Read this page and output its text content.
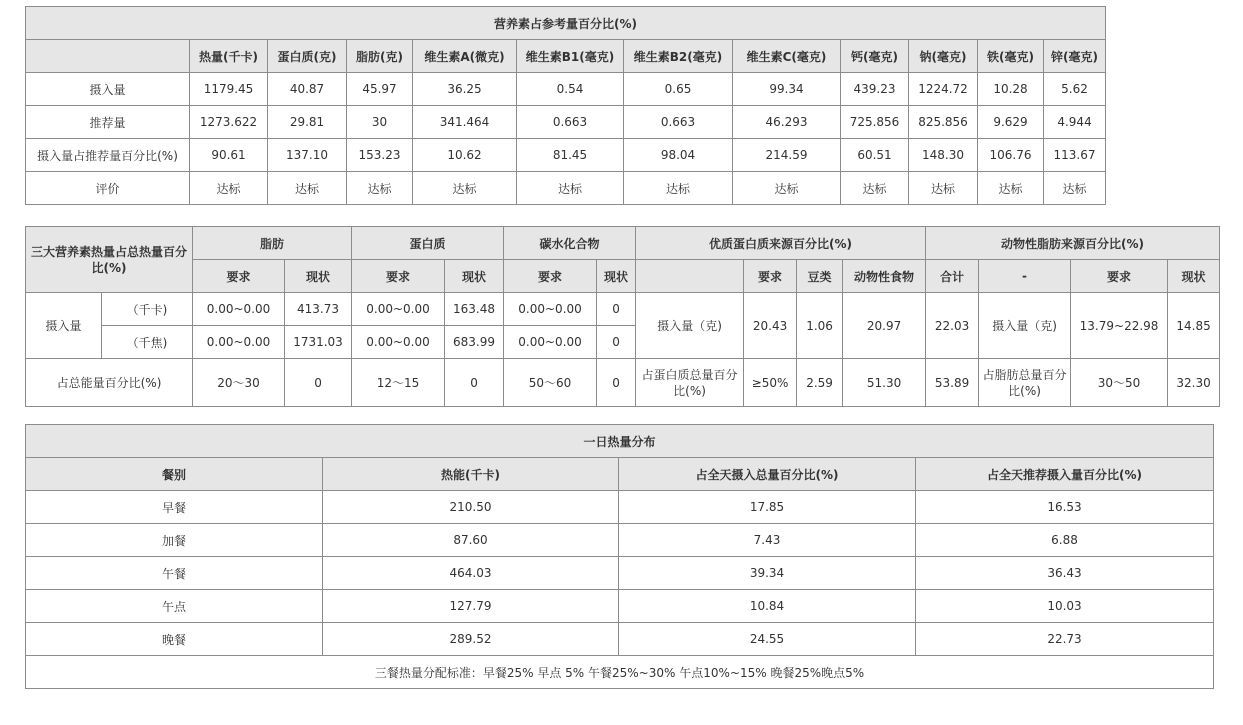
营养素占参考量百分比(%)											
	热量(千卡)	蛋白质(克)	脂肪(克)	维生素A(微克)	维生素B1(毫克)	维生素B2(毫克)	维生素C(毫克)	钙(毫克)	钠(毫克)	铁(毫克)	锌(毫克)
摄入量	1179.45	40.87	45.97	36.25	0.54	0.65	99.34	439.23	1224.72	10.28	5.62
推荐量	1273.622	29.81	30	341.464	0.663	0.663	46.293	725.856	825.856	9.629	4.944
摄入量占推荐量百分比(%)	90.61	137.10	153.23	10.62	81.45	98.04	214.59	60.51	148.30	106.76	113.67
评价	达标	达标	达标	达标	达标	达标	达标	达标	达标	达标	达标
三大营养素热量占总热量百分比(%)		脂肪		蛋白质		碳水化合物		优质蛋白质来源百分比(%)				动物性脂肪来源百分比(%)			
		要求	现状	要求	现状	要求	现状		要求	豆类	动物性食物	合计	-	要求	现状
摄入量	（千卡)	0.00~0.00	413.73	0.00~0.00	163.48	0.00~0.00	0	摄入量（克)	20.43	1.06	20.97	22.03	摄入量（克)	13.79~22.98	14.85
	（千焦)	0.00~0.00	1731.03	0.00~0.00	683.99	0.00~0.00	0								
占总能量百分比(%)		20～30	0	12～15	0	50～60	0	占蛋白质总量百分比(%)	≥50%	2.59	51.30	53.89	占脂肪总量百分比(%)	30～50	32.30
一日热量分布			
餐别	热能(千卡)	占全天摄入总量百分比(%)	占全天推荐摄入量百分比(%)
早餐	210.50	17.85	16.53
加餐	87.60	7.43	6.88
午餐	464.03	39.34	36.43
午点	127.79	10.84	10.03
晚餐	289.52	24.55	22.73
三餐热量分配标准：早餐25% 早点 5% 午餐25%~30% 午点10%~15% 晚餐25%晚点5%			
